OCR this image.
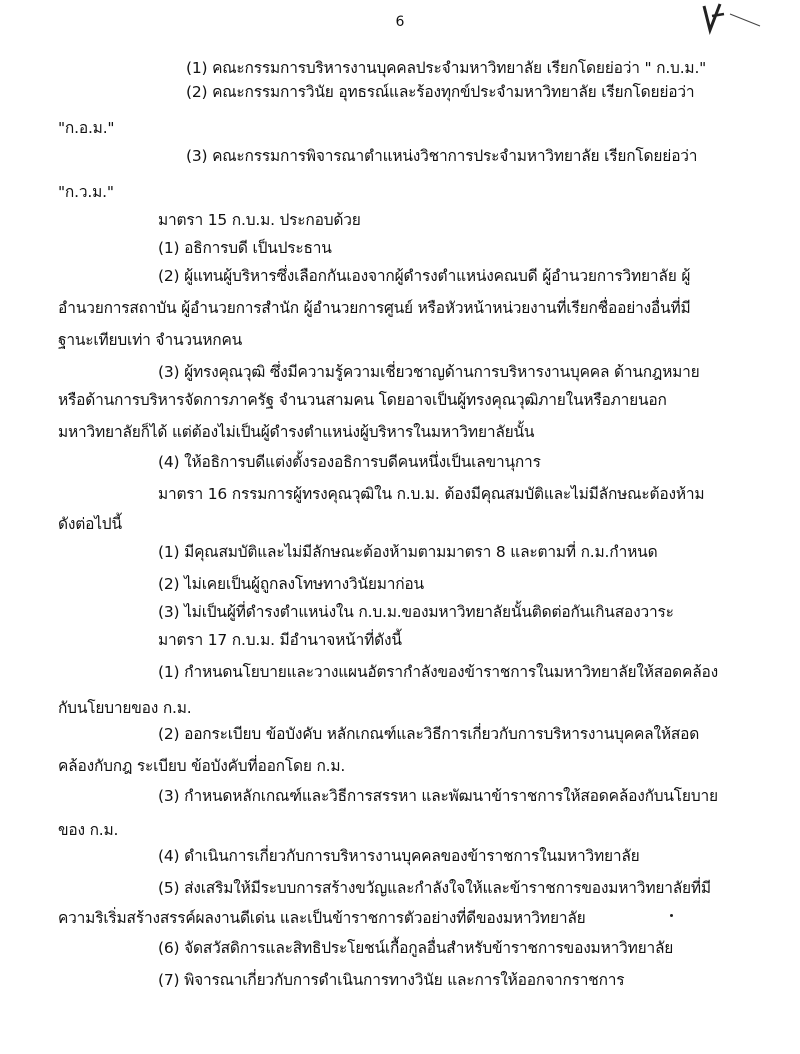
6
(1) คณะกรรมการบริหารงานบุคคลประจำมหาวิทยาลัย เรียกโดยย่อว่า " ก.บ.ม."
(2) คณะกรรมการวินัย อุทธรณ์และร้องทุกข์ประจำมหาวิทยาลัย เรียกโดยย่อว่า
"ก.อ.ม."
(3) คณะกรรมการพิจารณาตำแหน่งวิชาการประจำมหาวิทยาลัย เรียกโดยย่อว่า
"ก.ว.ม."
มาตรา 15 ก.บ.ม. ประกอบด้วย
(1) อธิการบดี เป็นประธาน
(2) ผู้แทนผู้บริหารซึ่งเลือกกันเองจากผู้ดำรงตำแหน่งคณบดี ผู้อำนวยการวิทยาลัย ผู้
อำนวยการสถาบัน ผู้อำนวยการสำนัก ผู้อำนวยการศูนย์ หรือหัวหน้าหน่วยงานที่เรียกชื่ออย่างอื่นที่มี
ฐานะเทียบเท่า จำนวนหกคน
(3) ผู้ทรงคุณวุฒิ ซึ่งมีความรู้ความเชี่ยวชาญด้านการบริหารงานบุคคล ด้านกฎหมาย
หรือด้านการบริหารจัดการภาครัฐ จำนวนสามคน โดยอาจเป็นผู้ทรงคุณวุฒิภายในหรือภายนอก
มหาวิทยาลัยก็ได้ แต่ต้องไม่เป็นผู้ดำรงตำแหน่งผู้บริหารในมหาวิทยาลัยนั้น
(4) ให้อธิการบดีแต่งตั้งรองอธิการบดีคนหนึ่งเป็นเลขานุการ
มาตรา 16 กรรมการผู้ทรงคุณวุฒิใน ก.บ.ม. ต้องมีคุณสมบัติและไม่มีลักษณะต้องห้าม
ดังต่อไปนี้
(1) มีคุณสมบัติและไม่มีลักษณะต้องห้ามตามมาตรา 8 และตามที่ ก.ม.กำหนด
(2) ไม่เคยเป็นผู้ถูกลงโทษทางวินัยมาก่อน
(3) ไม่เป็นผู้ที่ดำรงตำแหน่งใน ก.บ.ม.ของมหาวิทยาลัยนั้นติดต่อกันเกินสองวาระ
มาตรา 17 ก.บ.ม. มีอำนาจหน้าที่ดังนี้
(1) กำหนดนโยบายและวางแผนอัตรากำลังของข้าราชการในมหาวิทยาลัยให้สอดคล้อง
กับนโยบายของ ก.ม.
(2) ออกระเบียบ ข้อบังคับ หลักเกณฑ์และวิธีการเกี่ยวกับการบริหารงานบุคคลให้สอด
คล้องกับกฎ ระเบียบ ข้อบังคับที่ออกโดย ก.ม.
(3) กำหนดหลักเกณฑ์และวิธีการสรรหา และพัฒนาข้าราชการให้สอดคล้องกับนโยบาย
ของ ก.ม.
(4) ดำเนินการเกี่ยวกับการบริหารงานบุคคลของข้าราชการในมหาวิทยาลัย
(5) ส่งเสริมให้มีระบบการสร้างขวัญและกำลังใจให้และข้าราชการของมหาวิทยาลัยที่มี
ความริเริ่มสร้างสรรค์ผลงานดีเด่น และเป็นข้าราชการตัวอย่างที่ดีของมหาวิทยาลัย
(6) จัดสวัสดิการและสิทธิประโยชน์เกื้อกูลอื่นสำหรับข้าราชการของมหาวิทยาลัย
(7) พิจารณาเกี่ยวกับการดำเนินการทางวินัย และการให้ออกจากราชการ
